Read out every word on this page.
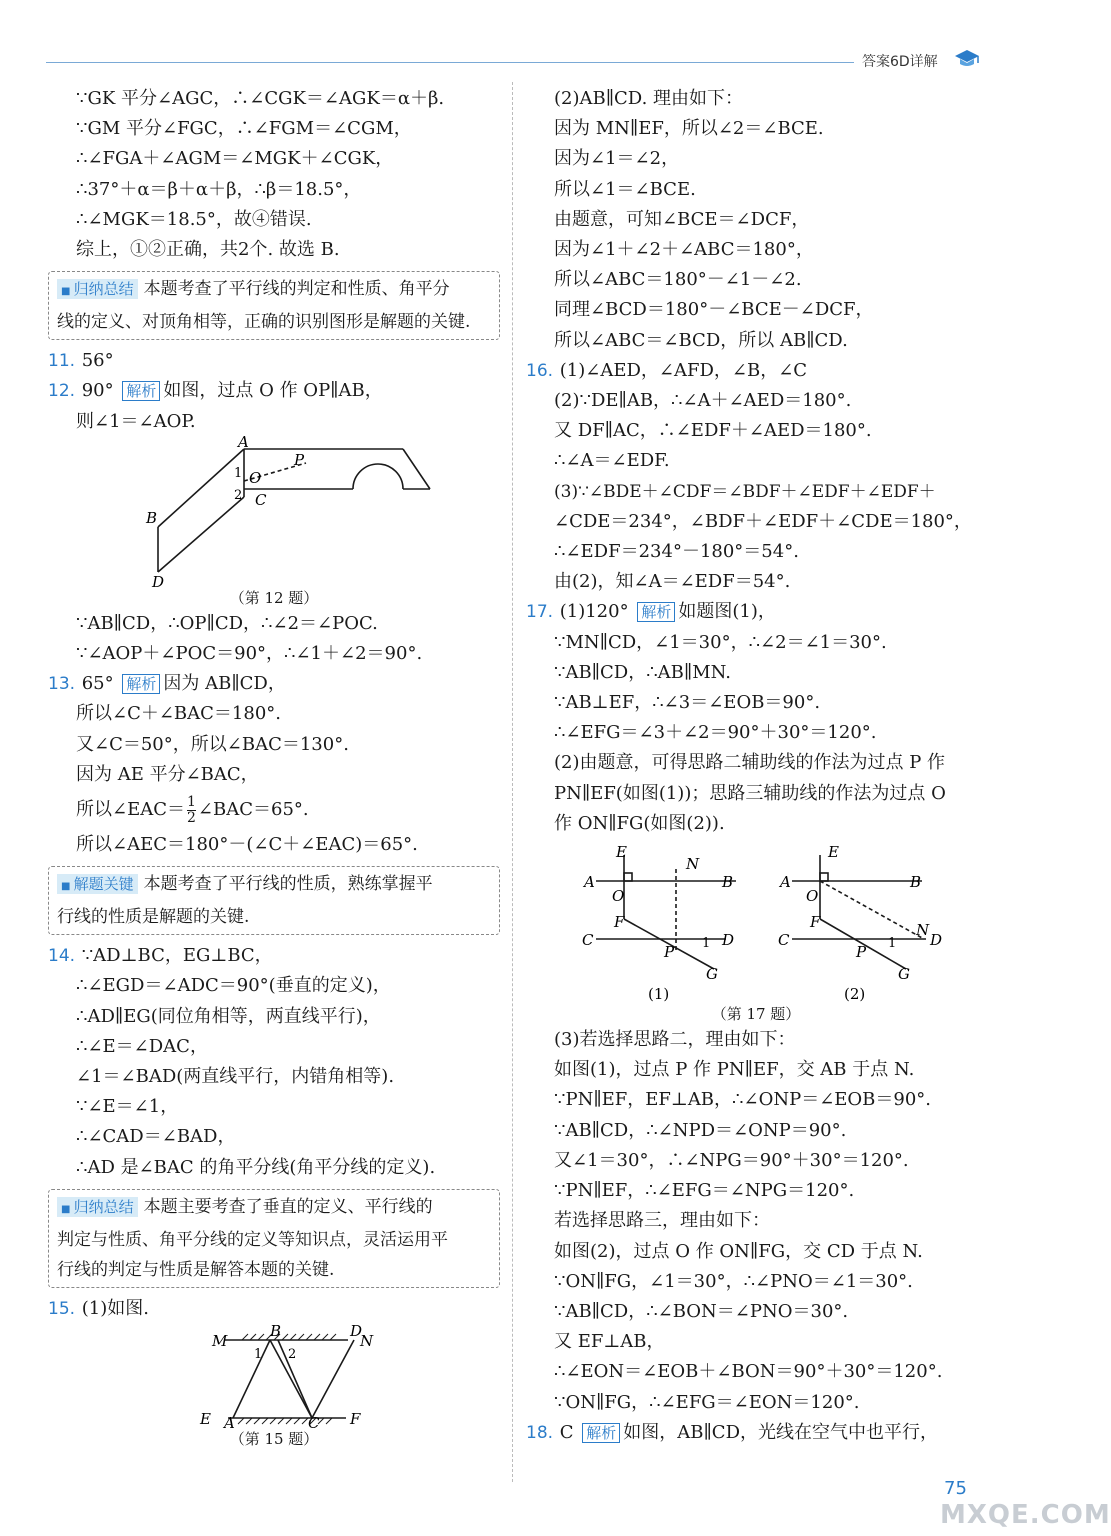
答案6D详解
∵GK 平分∠AGC，∴∠CGK＝∠AGK＝α＋β.
∵GM 平分∠FGC，∴∠FGM＝∠CGM，
∴∠FGA＋∠AGM＝∠MGK＋∠CGK，
∴37°＋α＝β＋α＋β，∴β＝18.5°，
∴∠MGK＝18.5°，故④错误.
综上，①②正确，共2个. 故选 B.
■ 归纳总结 本题考查了平行线的判定和性质、角平分
线的定义、对顶角相等，正确的识别图形是解题的关键.
11. 56°
12. 90° 解析 如图，过点 O 作 OP∥AB，
则∠1＝∠AOP.
A
B
C
D
O
P
1
2
（第 12 题）
∵AB∥CD，∴OP∥CD，∴∠2＝∠POC.
∵∠AOP＋∠POC＝90°，∴∠1＋∠2＝90°.
13. 65° 解析 因为 AB∥CD，
所以∠C＋∠BAC＝180°.
又∠C＝50°，所以∠BAC＝130°.
因为 AE 平分∠BAC，
所以∠EAC＝ $\frac{1}{2}$ ∠BAC＝65°.
所以∠AEC＝180°－(∠C＋∠EAC)＝65°.
■ 解题关键 本题考查了平行线的性质，熟练掌握平
行线的性质是解题的关键.
14. ∵AD⊥BC，EG⊥BC，
∴∠EGD＝∠ADC＝90°(垂直的定义)，
∴AD∥EG(同位角相等，两直线平行)，
∴∠E＝∠DAC，
∠1＝∠BAD(两直线平行，内错角相等).
∵∠E＝∠1，
∴∠CAD＝∠BAD，
∴AD 是∠BAC 的角平分线(角平分线的定义).
■ 归纳总结 本题主要考查了垂直的定义、平行线的
判定与性质、角平分线的定义等知识点，灵活运用平
行线的判定与性质是解答本题的关键.
15. (1)如图.
M
B	D
N
E A	C F
1 2
（第 15 题）
(2)AB∥CD. 理由如下：
因为 MN∥EF，所以∠2＝∠BCE.
因为∠1＝∠2，
所以∠1＝∠BCE.
由题意，可知∠BCE＝∠DCF，
因为∠1＋∠2＋∠ABC＝180°，
所以∠ABC＝180°－∠1－∠2.
同理∠BCD＝180°－∠BCE－∠DCF，
所以∠ABC＝∠BCD，所以 AB∥CD.
16. (1)∠AED，∠AFD，∠B，∠C
(2)∵DE∥AB，∴∠A＋∠AED＝180°.
又 DF∥AC，∴∠EDF＋∠AED＝180°.
∴∠A＝∠EDF.
(3)∵∠BDE＋∠CDF＝∠BDF＋∠EDF＋∠EDF＋
∠CDE＝234°，∠BDF＋∠EDF＋∠CDE＝180°，
∴∠EDF＝234°－180°＝54°.
由(2)，知∠A＝∠EDF＝54°.
17. (1)120° 解析 如题图(1)，
∵MN∥CD，∠1＝30°，∴∠2＝∠1＝30°.
∵AB∥CD，∴AB∥MN.
∵AB⊥EF，∴∠3＝∠EOB＝90°.
∴∠EFG＝∠3＋∠2＝90°＋30°＝120°.
(2)由题意，可得思路二辅助线的作法为过点 P 作
PN∥EF(如图(1))；思路三辅助线的作法为过点 O
作 ON∥FG(如图(2)).
E
N
A
O
B
F
C	D
P
G
1
(1)
E
A
O
B
F
C
N
D
P
G
1
(2)
（第 17 题）
(3)若选择思路二，理由如下：
如图(1)，过点 P 作 PN∥EF，交 AB 于点 N.
∵PN∥EF，EF⊥AB，∴∠ONP＝∠EOB＝90°.
∵AB∥CD，∴∠NPD＝∠ONP＝90°.
又∠1＝30°，∴∠NPG＝90°＋30°＝120°.
∵PN∥EF，∴∠EFG＝∠NPG＝120°.
若选择思路三，理由如下：
如图(2)，过点 O 作 ON∥FG，交 CD 于点 N.
∵ON∥FG，∠1＝30°，∴∠PNO＝∠1＝30°.
∵AB∥CD，∴∠BON＝∠PNO＝30°.
又 EF⊥AB，
∴∠EON＝∠EOB＋∠BON＝90°＋30°＝120°.
∵ON∥FG，∴∠EFG＝∠EON＝120°.
18. C 解析 如图，AB∥CD，光线在空气中也平行，
75
MXQE.COM
